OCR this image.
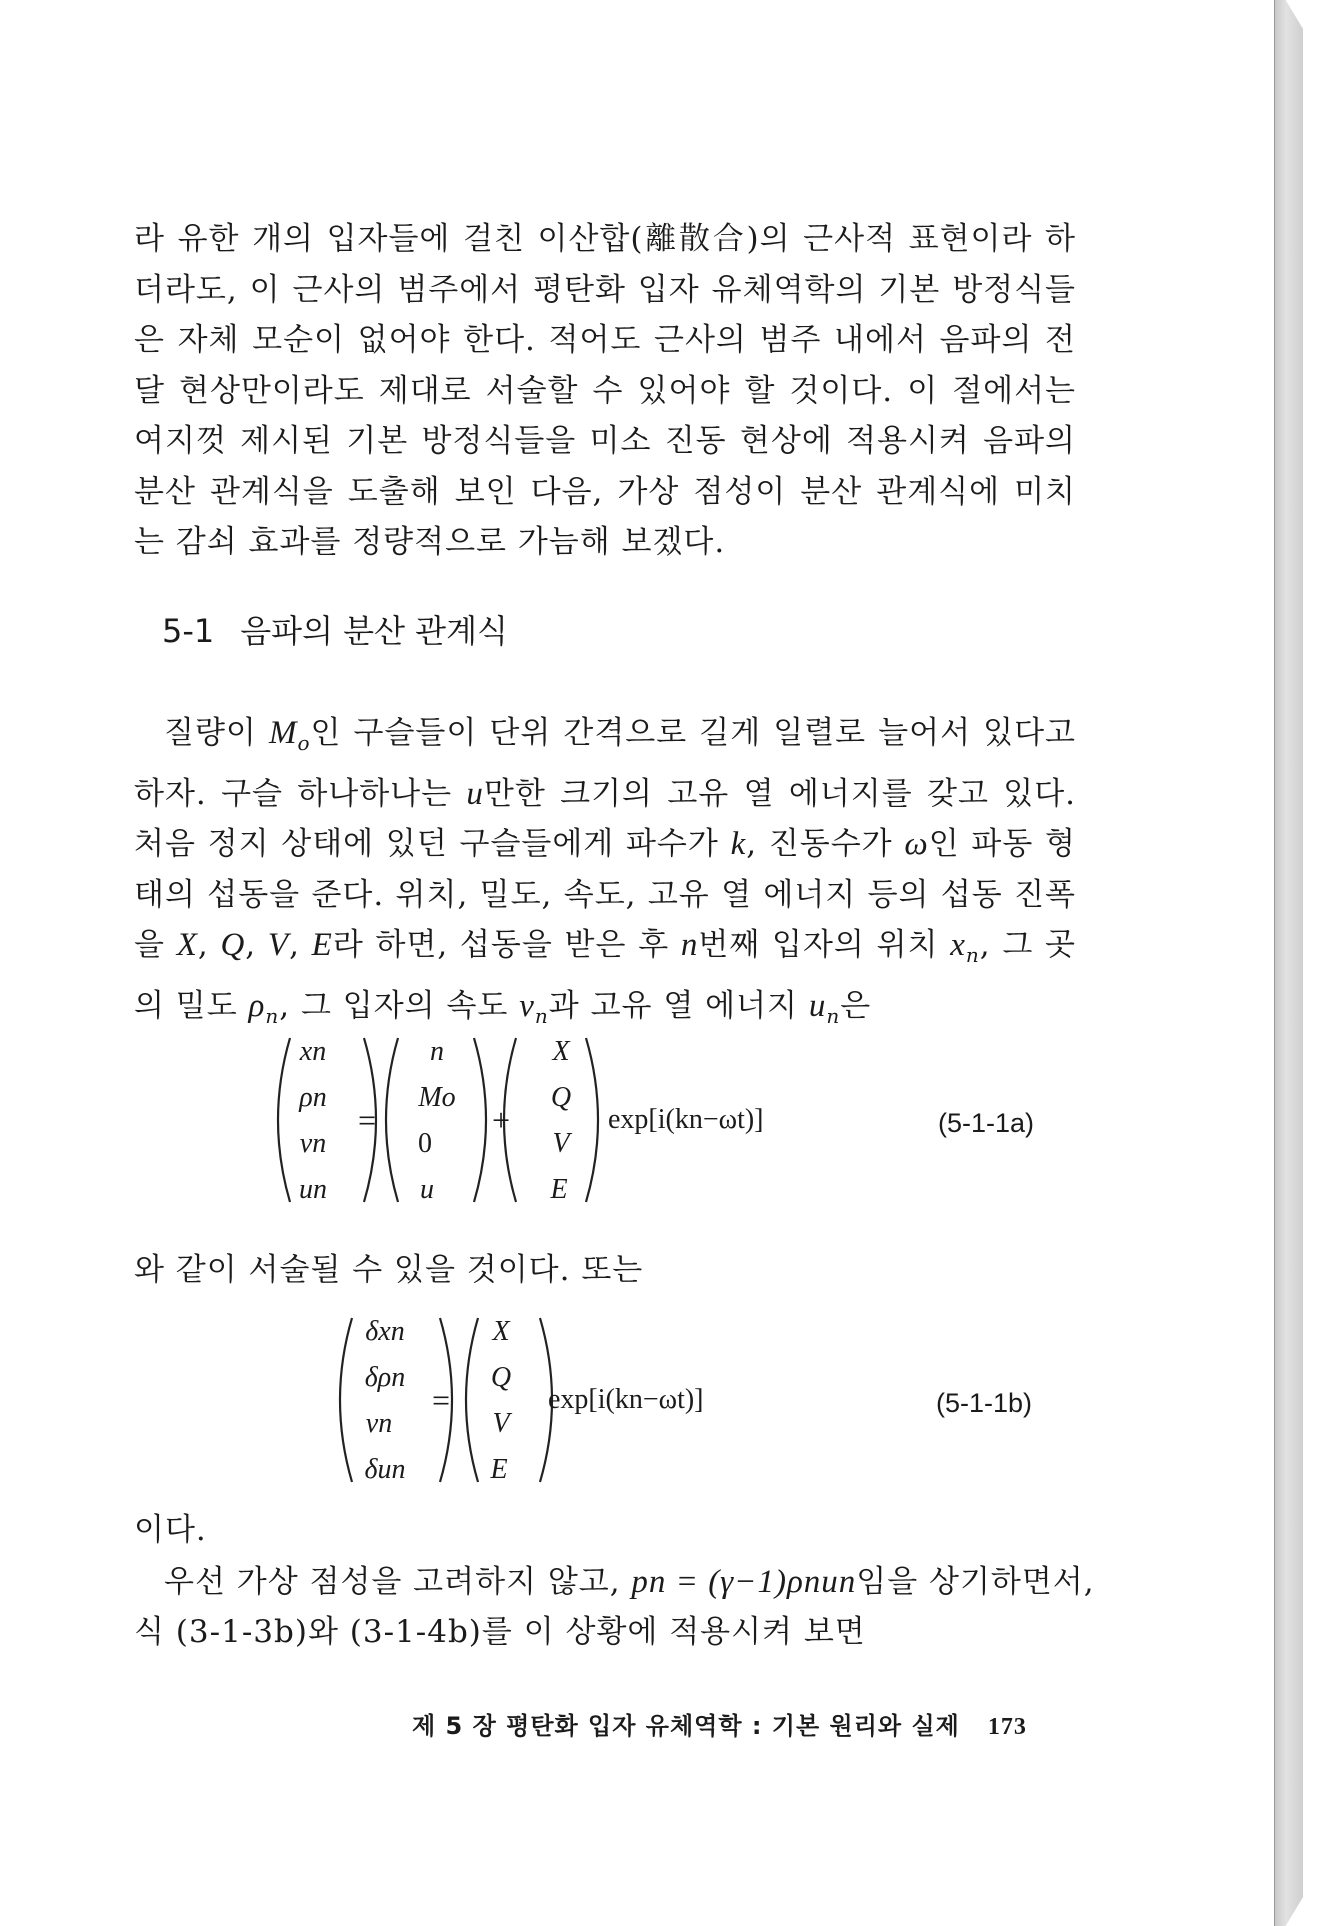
라 유한 개의 입자들에 걸친 이산합(離散合)의 근사적 표현이라 하더라도, 이 근사의 범주에서 평탄화 입자 유체역학의 기본 방정식들은 자체 모순이 없어야 한다. 적어도 근사의 범주 내에서 음파의 전달 현상만이라도 제대로 서술할 수 있어야 할 것이다. 이 절에서는 여지껏 제시된 기본 방정식들을 미소 진동 현상에 적용시켜 음파의 분산 관계식을 도출해 보인 다음, 가상 점성이 분산 관계식에 미치는 감쇠 효과를 정량적으로 가늠해 보겠다.

5-1 음파의 분산 관계식

질량이 $M_o$인 구슬들이 단위 간격으로 길게 일렬로 늘어서 있다고 하자. 구슬 하나하나는 u만한 크기의 고유 열 에너지를 갖고 있다. 처음 정지 상태에 있던 구슬들에게 파수가 k, 진동수가 ω인 파동 형태의 섭동을 준다. 위치, 밀도, 속도, 고유 열 에너지 등의 섭동 진폭을 X, Q, V, E라 하면, 섭동을 받은 후 n번째 입자의 위치 $x_n$, 그 곳의 밀도 $\rho_n$, 그 입자의 속도 $v_n$과 고유 열 에너지 $u_n$은

xn
ρn
vn
un
=
n
Mo
0
u
+
X
Q
V
E
exp[i(kn−ωt)]	(5-1-1a)

와 같이 서술될 수 있을 것이다. 또는

δxn
δρn
vn
δun
=
X
Q
V
E
exp[i(kn−ωt)]	(5-1-1b)

이다.

우선 가상 점성을 고려하지 않고, pn = (γ−1)ρnun임을 상기하면서,

식 (3-1-3b)와 (3-1-4b)를 이 상황에 적용시켜 보면

제 5 장 평탄화 입자 유체역학 : 기본 원리와 실제 173
